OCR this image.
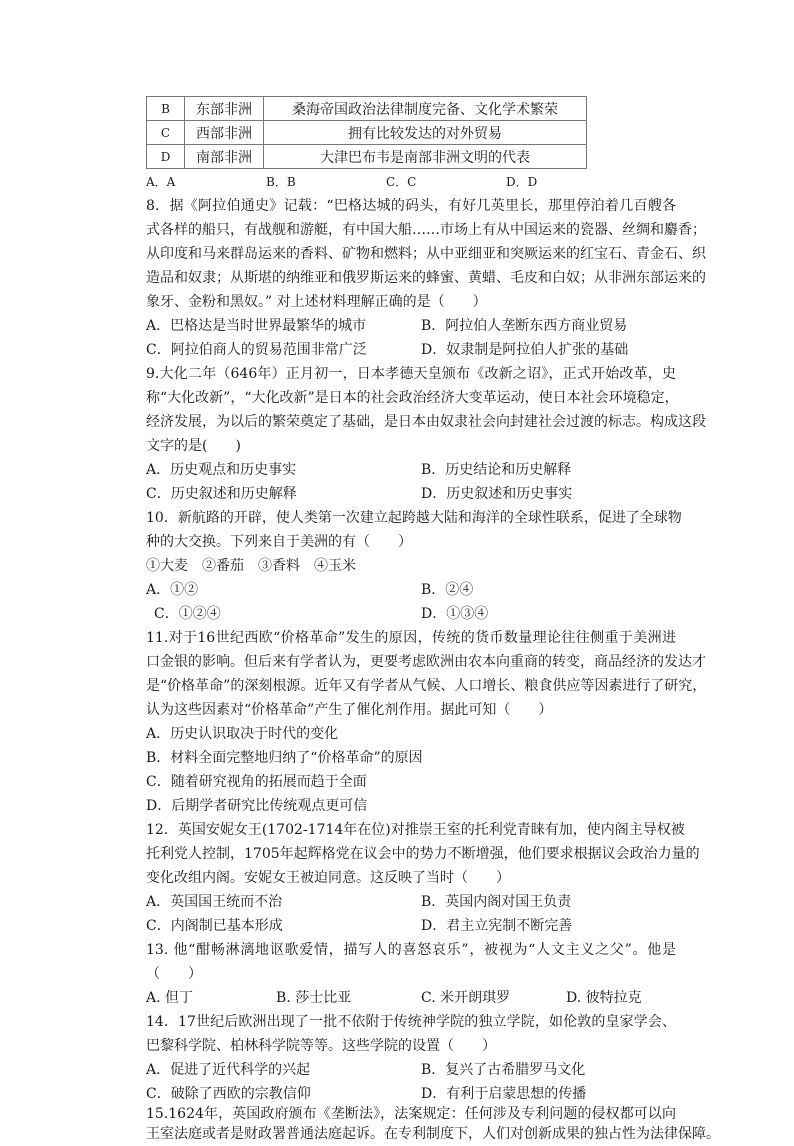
B	东部非洲	桑海帝国政治法律制度完备、文化学术繁荣
C	西部非洲	拥有比较发达的对外贸易
D	南部非洲	大津巴布韦是南部非洲文明的代表
A．A	B．B	C．C	D．D
8．据《阿拉伯通史》记载：“巴格达城的码头，有好几英里长，那里停泊着几百艘各
式各样的船只，有战舰和游艇，有中国大船……市场上有从中国运来的瓷器、丝绸和麝香；
从印度和马来群岛运来的香料、矿物和燃料；从中亚细亚和突厥运来的红宝石、青金石、织
造品和奴隶；从斯堪的纳维亚和俄罗斯运来的蜂蜜、黄蜡、毛皮和白奴；从非洲东部运来的
象牙、金粉和黑奴。” 对上述材料理解正确的是（　　）
A．巴格达是当时世界最繁华的城市	B．阿拉伯人垄断东西方商业贸易
C．阿拉伯商人的贸易范围非常广泛	D．奴隶制是阿拉伯人扩张的基础
9.大化二年（646年）正月初一，日本孝德天皇颁布《改新之诏》，正式开始改革，史
称“大化改新”，“大化改新”是日本的社会政治经济大变革运动，使日本社会环境稳定，
经济发展，为以后的繁荣奠定了基础，是日本由奴隶社会向封建社会过渡的标志。构成这段
文字的是(　　)
A．历史观点和历史事实	B．历史结论和历史解释
C．历史叙述和历史解释	D．历史叙述和历史事实
10．新航路的开辟，使人类第一次建立起跨越大陆和海洋的全球性联系，促进了全球物
种的大交换。下列来自于美洲的有（　　）
①大麦　②番茄　③香料　④玉米
A．①②	B．②④
C．①②④	D．①③④
11.对于16世纪西欧“价格革命”发生的原因，传统的货币数量理论往往侧重于美洲进
口金银的影响。但后来有学者认为，更要考虑欧洲由农本向重商的转变，商品经济的发达才
是“价格革命”的深刻根源。近年又有学者从气候、人口增长、粮食供应等因素进行了研究，
认为这些因素对“价格革命”产生了催化剂作用。据此可知（　　）
A．历史认识取决于时代的变化
B．材料全面完整地归纳了“价格革命”的原因
C．随着研究视角的拓展而趋于全面
D．后期学者研究比传统观点更可信
12．英国安妮女王(1702-1714年在位)对推崇王室的托利党青睐有加，使内阁主导权被
托利党人控制，1705年起辉格党在议会中的势力不断增强，他们要求根据议会政治力量的
变化改组内阁。安妮女王被迫同意。这反映了当时（　　）
A．英国国王统而不治	B．英国内阁对国王负责
C．内阁制已基本形成	D．君主立宪制不断完善
13. 他“酣畅淋漓地讴歌爱情，描写人的喜怒哀乐”，被视为“人文主义之父”。他是
（　　）
A. 但丁	B. 莎士比亚	C. 米开朗琪罗	D. 彼特拉克
14．17世纪后欧洲出现了一批不依附于传统神学院的独立学院，如伦敦的皇家学会、
巴黎科学院、柏林科学院等等。这些学院的设置（　　）
A．促进了近代科学的兴起	B．复兴了古希腊罗马文化
C．破除了西欧的宗教信仰	D．有利于启蒙思想的传播
15.1624年，英国政府颁布《垄断法》，法案规定：任何涉及专利问题的侵权都可以向
王室法庭或者是财政署普通法庭起诉。在专利制度下，人们对创新成果的独占性为法律保障。
